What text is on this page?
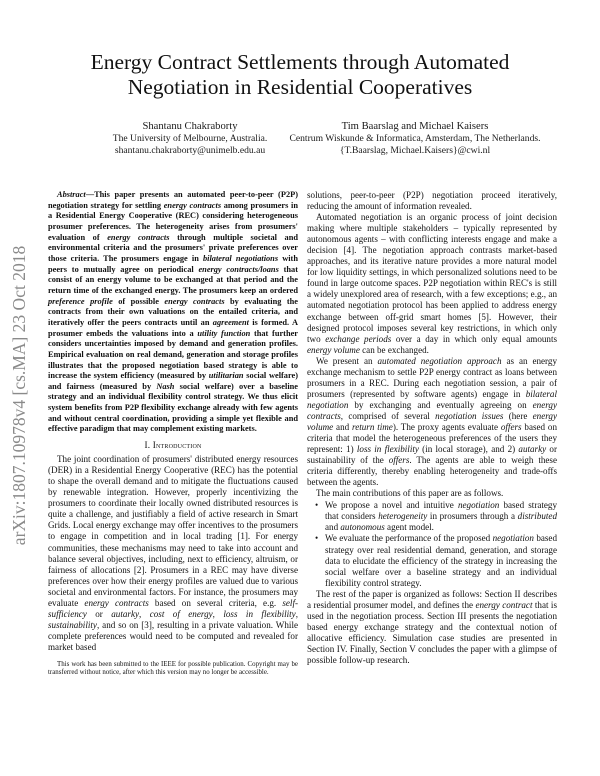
Energy Contract Settlements through Automated
Negotiation in Residential Cooperatives
Shantanu Chakraborty
The University of Melbourne, Australia.
shantanu.chakraborty@unimelb.edu.au
Tim Baarslag and Michael Kaisers
Centrum Wiskunde & Informatica, Amsterdam, The Netherlands.
{T.Baarslag, Michael.Kaisers}@cwi.nl
arXiv:1807.10978v4 [cs.MA] 23 Oct 2018

Abstract—This paper presents an automated peer-to-peer (P2P) negotiation strategy for settling energy contracts among prosumers in a Residential Energy Cooperative (REC) considering heterogeneous prosumer preferences. The heterogeneity arises from prosumers' evaluation of energy contracts through multiple societal and environmental criteria and the prosumers' private preferences over those criteria. The prosumers engage in bilateral negotiations with peers to mutually agree on periodical energy contracts/loans that consist of an energy volume to be exchanged at that period and the return time of the exchanged energy. The prosumers keep an ordered preference profile of possible energy contracts by evaluating the contracts from their own valuations on the entailed criteria, and iteratively offer the peers contracts until an agreement is formed. A prosumer embeds the valuations into a utility function that further considers uncertainties imposed by demand and generation profiles. Empirical evaluation on real demand, generation and storage profiles illustrates that the proposed negotiation based strategy is able to increase the system efficiency (measured by utilitarian social welfare) and fairness (measured by Nash social welfare) over a baseline strategy and an individual flexibility control strategy. We thus elicit system benefits from P2P flexibility exchange already with few agents and without central coordination, providing a simple yet flexible and effective paradigm that may complement existing markets.

I. Introduction

The joint coordination of prosumers' distributed energy resources (DER) in a Residential Energy Cooperative (REC) has the potential to shape the overall demand and to mitigate the fluctuations caused by renewable integration. However, properly incentivizing the prosumers to coordinate their locally owned distributed resources is quite a challenge, and justifiably a field of active research in Smart Grids. Local energy exchange may offer incentives to the prosumers to engage in competition and in local trading [1]. For energy communities, these mechanisms may need to take into account and balance several objectives, including, next to efficiency, altruism, or fairness of allocations [2]. Prosumers in a REC may have diverse preferences over how their energy profiles are valued due to various societal and environmental factors. For instance, the prosumers may evaluate energy contracts based on several criteria, e.g. self-sufficiency or autarky, cost of energy, loss in flexibility, sustainability, and so on [3], resulting in a private valuation. While complete preferences would need to be computed and revealed for market based

This work has been submitted to the IEEE for possible publication. Copyright may be transferred without notice, after which this version may no longer be accessible.

solutions, peer-to-peer (P2P) negotiation proceed iteratively, reducing the amount of information revealed.

Automated negotiation is an organic process of joint decision making where multiple stakeholders – typically represented by autonomous agents – with conflicting interests engage and make a decision [4]. The negotiation approach contrasts market-based approaches, and its iterative nature provides a more natural model for low liquidity settings, in which personalized solutions need to be found in large outcome spaces. P2P negotiation within REC's is still a widely unexplored area of research, with a few exceptions; e.g., an automated negotiation protocol has been applied to address energy exchange between off-grid smart homes [5]. However, their designed protocol imposes several key restrictions, in which only two exchange periods over a day in which only equal amounts energy volume can be exchanged.

We present an automated negotiation approach as an energy exchange mechanism to settle P2P energy contract as loans between prosumers in a REC. During each negotiation session, a pair of prosumers (represented by software agents) engage in bilateral negotiation by exchanging and eventually agreeing on energy contracts, comprised of several negotiation issues (here energy volume and return time). The proxy agents evaluate offers based on criteria that model the heterogeneous preferences of the users they represent: 1) loss in flexibility (in local storage), and 2) autarky or sustainability of the offers. The agents are able to weigh these criteria differently, thereby enabling heterogeneity and trade-offs between the agents.

The main contributions of this paper are as follows.

• We propose a novel and intuitive negotiation based strategy that considers heterogeneity in prosumers through a distributed and autonomous agent model.
• We evaluate the performance of the proposed negotiation based strategy over real residential demand, generation, and storage data to elucidate the efficiency of the strategy in increasing the social welfare over a baseline strategy and an individual flexibility control strategy.

The rest of the paper is organized as follows: Section II describes a residential prosumer model, and defines the energy contract that is used in the negotiation process. Section III presents the negotiation based energy exchange strategy and the contextual notion of allocative efficiency. Simulation case studies are presented in Section IV. Finally, Section V concludes the paper with a glimpse of possible follow-up research.
